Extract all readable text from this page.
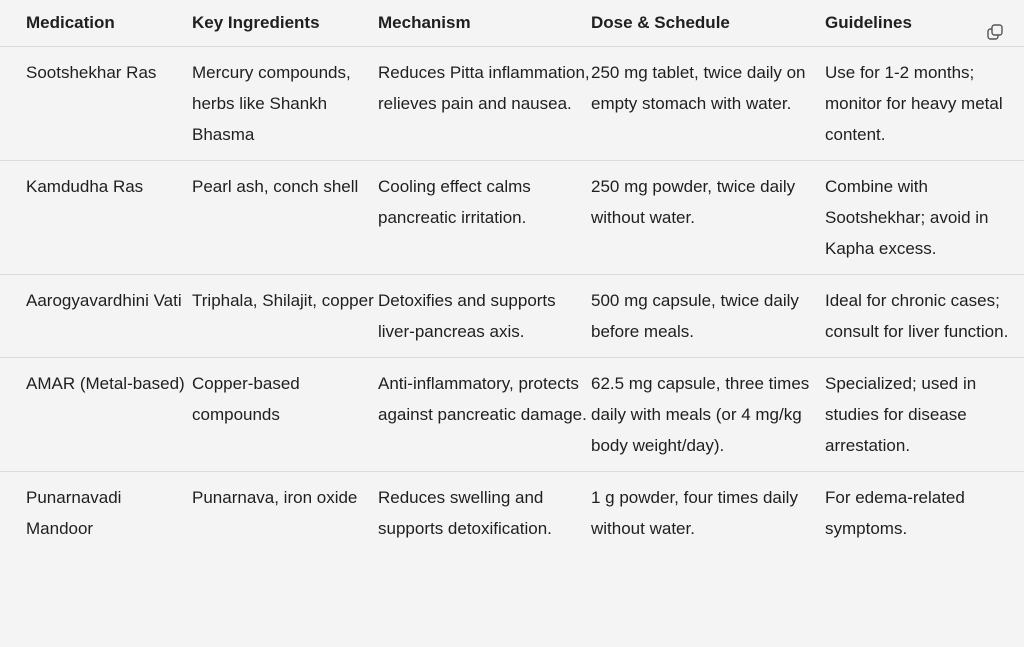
Medication	Key Ingredients	Mechanism	Dose & Schedule	Guidelines

Sootshekhar Ras	Mercury compounds, herbs like Shankh Bhasma	Reduces Pitta inflammation, relieves pain and nausea.	250 mg tablet, twice daily on empty stomach with water.	Use for 1-2 months; monitor for heavy metal content.
Kamdudha Ras	Pearl ash, conch shell	Cooling effect calms pancreatic irritation.	250 mg powder, twice daily without water.	Combine with Sootshekhar; avoid in Kapha excess.
Aarogyavardhini Vati	Triphala, Shilajit, copper	Detoxifies and supports liver-pancreas axis.	500 mg capsule, twice daily before meals.	Ideal for chronic cases; consult for liver function.
AMAR (Metal-based)	Copper-based compounds	Anti-inflammatory, protects against pancreatic damage.	62.5 mg capsule, three times daily with meals (or 4 mg/kg body weight/day).	Specialized; used in studies for disease arrestation.
Punarnavadi Mandoor	Punarnava, iron oxide	Reduces swelling and supports detoxification.	1 g powder, four times daily without water.	For edema-related symptoms.
